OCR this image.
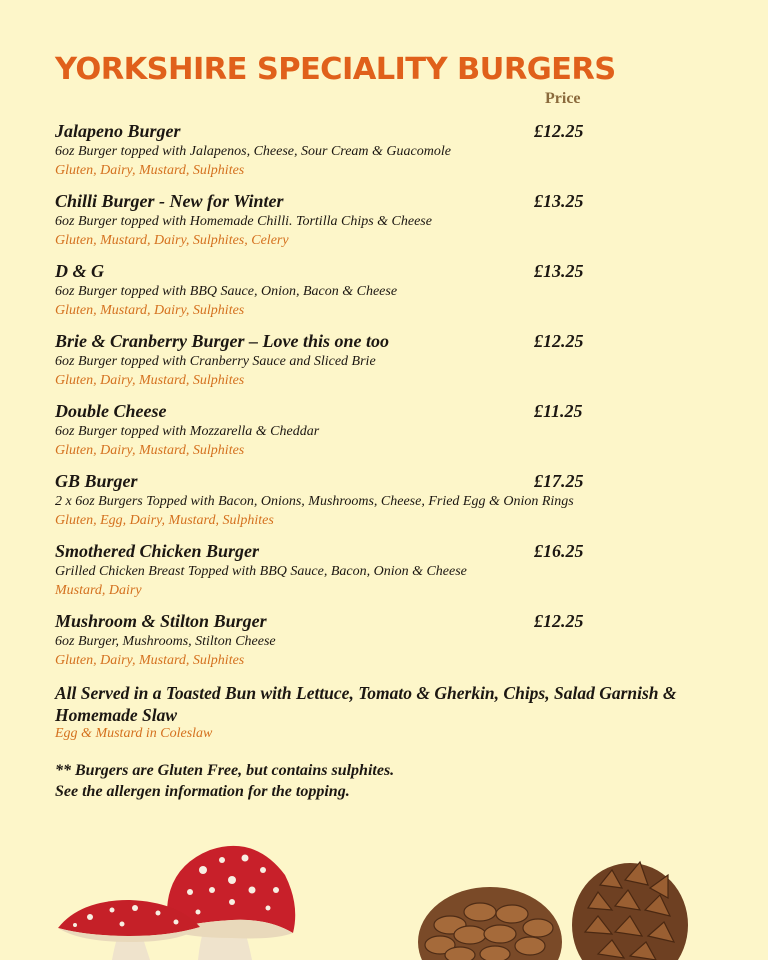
YORKSHIRE SPECIALITY BURGERS
Price
Jalapeno Burger	£12.25
6oz Burger topped with Jalapenos, Cheese, Sour Cream & Guacomole
Gluten, Dairy, Mustard, Sulphites
Chilli Burger - New for Winter	£13.25
6oz Burger topped with Homemade Chilli. Tortilla Chips & Cheese
Gluten, Mustard, Dairy, Sulphites, Celery
D & G	£13.25
6oz Burger topped with BBQ Sauce, Onion, Bacon & Cheese
Gluten, Mustard, Dairy, Sulphites
Brie & Cranberry Burger – Love this one too	£12.25
6oz Burger topped with Cranberry Sauce and Sliced Brie
Gluten, Dairy, Mustard, Sulphites
Double Cheese	£11.25
6oz Burger topped with Mozzarella & Cheddar
Gluten, Dairy, Mustard, Sulphites
GB Burger	£17.25
2 x 6oz Burgers Topped with Bacon, Onions, Mushrooms, Cheese, Fried Egg & Onion Rings
Gluten, Egg, Dairy, Mustard, Sulphites
Smothered Chicken Burger	£16.25
Grilled Chicken Breast Topped with BBQ Sauce, Bacon, Onion & Cheese
Mustard, Dairy
Mushroom & Stilton Burger	£12.25
6oz Burger, Mushrooms, Stilton Cheese
Gluten, Dairy, Mustard, Sulphites
All Served in a Toasted Bun with Lettuce, Tomato & Gherkin, Chips, Salad Garnish & Homemade Slaw
Egg & Mustard in Coleslaw
** Burgers are Gluten Free, but contains sulphites.
See the allergen information for the topping.
